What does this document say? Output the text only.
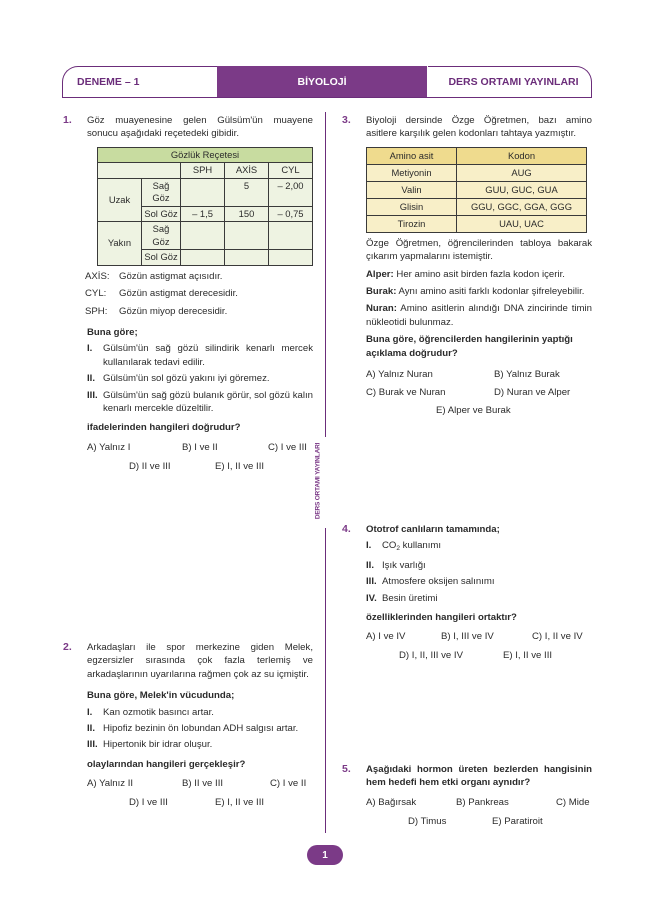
DENEME – 1	BİYOLOJİ	DERS ORTAMI YAYINLARI
DERS ORTAMI YAYINLARI
1. Göz muayenesine gelen Gülsüm'ün muayene sonucu aşağıdaki reçetedeki gibidir.
Gözlük Reçetesi				
		SPH	AXİS	CYL
Uzak	Sağ Göz		5	– 2,00
	Sol Göz	– 1,5	150	– 0,75
Yakın	Sağ Göz			
	Sol Göz			
AXİS: Gözün astigmat açısıdır.
CYL:	Gözün astigmat derecesidir.
SPH:	Gözün miyop derecesidir.
Buna göre;
I.	Gülsüm'ün sağ gözü silindirik kenarlı mercek kullanılarak tedavi edilir.
II. Gülsüm'ün sol gözü yakını iyi göremez.
III. Gülsüm'ün sağ gözü bulanık görür, sol gözü kalın kenarlı mercekle düzeltilir.
ifadelerinden hangileri doğrudur?
A) Yalnız I	B) I ve II	C) I ve III
D) II ve III	E) I, II ve III
2. Arkadaşları ile spor merkezine giden Melek, egzersizler sırasında çok fazla terlemiş ve arkadaşlarının uyarılarına rağmen çok az su içmiştir.
Buna göre, Melek'in vücudunda;
I.	Kan ozmotik basıncı artar.
II. Hipofiz bezinin ön lobundan ADH salgısı artar.
III. Hipertonik bir idrar oluşur.
olaylarından hangileri gerçekleşir?
A) Yalnız II	B) II ve III	C) I ve II
D) I ve III	E) I, II ve III
3. Biyoloji dersinde Özge Öğretmen, bazı amino asitlere karşılık gelen kodonları tahtaya yazmıştır.
Amino asit	Kodon
Metiyonin	AUG
Valin	GUU, GUC, GUA
Glisin	GGU, GGC, GGA, GGG
Tirozin	UAU, UAC
Özge Öğretmen, öğrencilerinden tabloya bakarak çıkarım yapmalarını istemiştir.
Alper: Her amino asit birden fazla kodon içerir.
Burak: Aynı amino asiti farklı kodonlar şifreleyebilir.
Nuran: Amino asitlerin alındığı DNA zincirinde timin nükleotidi bulunmaz.
Buna göre, öğrencilerden hangilerinin yaptığı açıklama doğrudur?
A) Yalnız Nuran	B) Yalnız Burak
C) Burak ve Nuran	D) Nuran ve Alper
E) Alper ve Burak
4. Ototrof canlıların tamamında;
I.	$CO_2$ kullanımı
II. Işık varlığı
III. Atmosfere oksijen salınımı
IV. Besin üretimi
özelliklerinden hangileri ortaktır?
A) I ve IV	B) I, III ve IV	C) I, II ve IV
D) I, II, III ve IV	E) I, II ve III
5. Aşağıdaki hormon üreten bezlerden hangisinin hem hedefi hem etki organı aynıdır?
A) Bağırsak	B) Pankreas	C) Mide
D) Timus	E) Paratiroit
1
